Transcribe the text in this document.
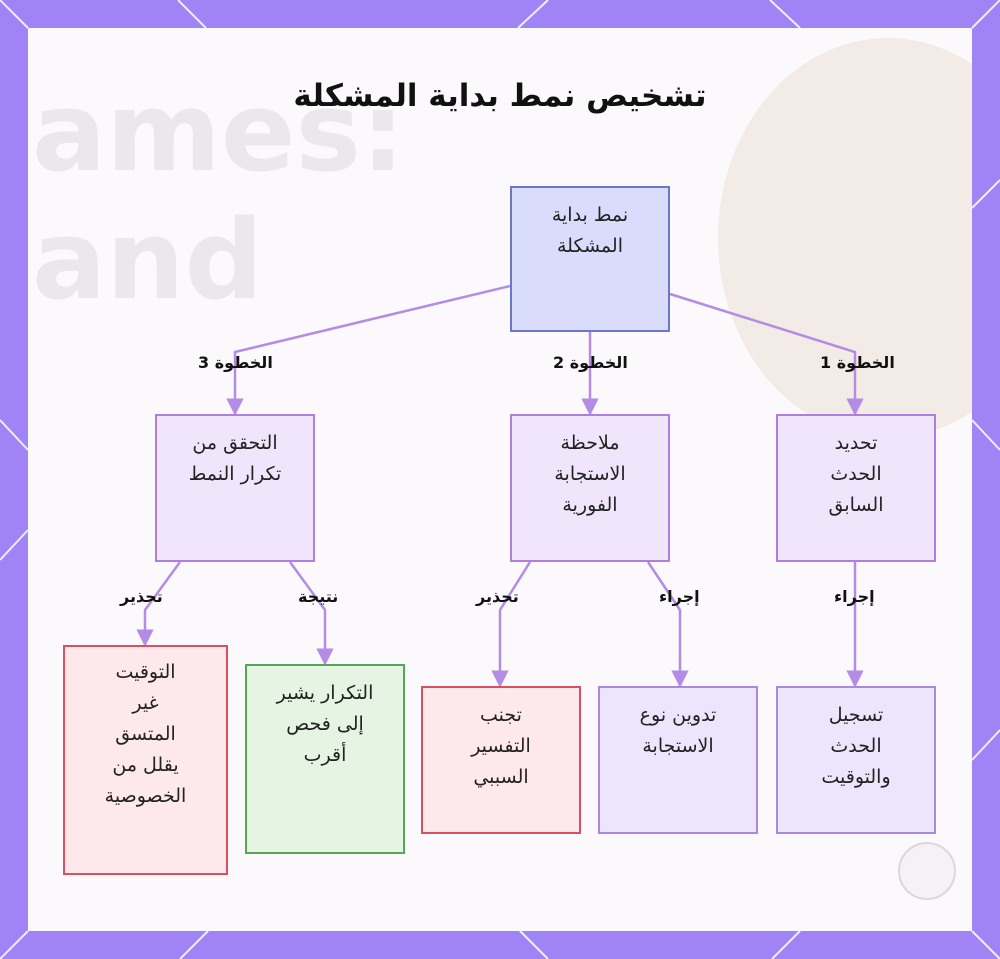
ames:
and
تشخيص نمط بداية المشكلة
نمط بداية
المشكلة
تحديد
الحدث
السابق
ملاحظة
الاستجابة
الفورية
التحقق من
تكرار النمط
تسجيل
الحدث
والتوقيت
تدوين نوع
الاستجابة
تجنب
التفسير
السببي
التكرار يشير
إلى فحص
أقرب
التوقيت
غير
المتسق
يقلل من
الخصوصية
الخطوة 1
الخطوة 2
الخطوة 3
إجراء
إجراء
تحذير
نتيجة
تحذير
